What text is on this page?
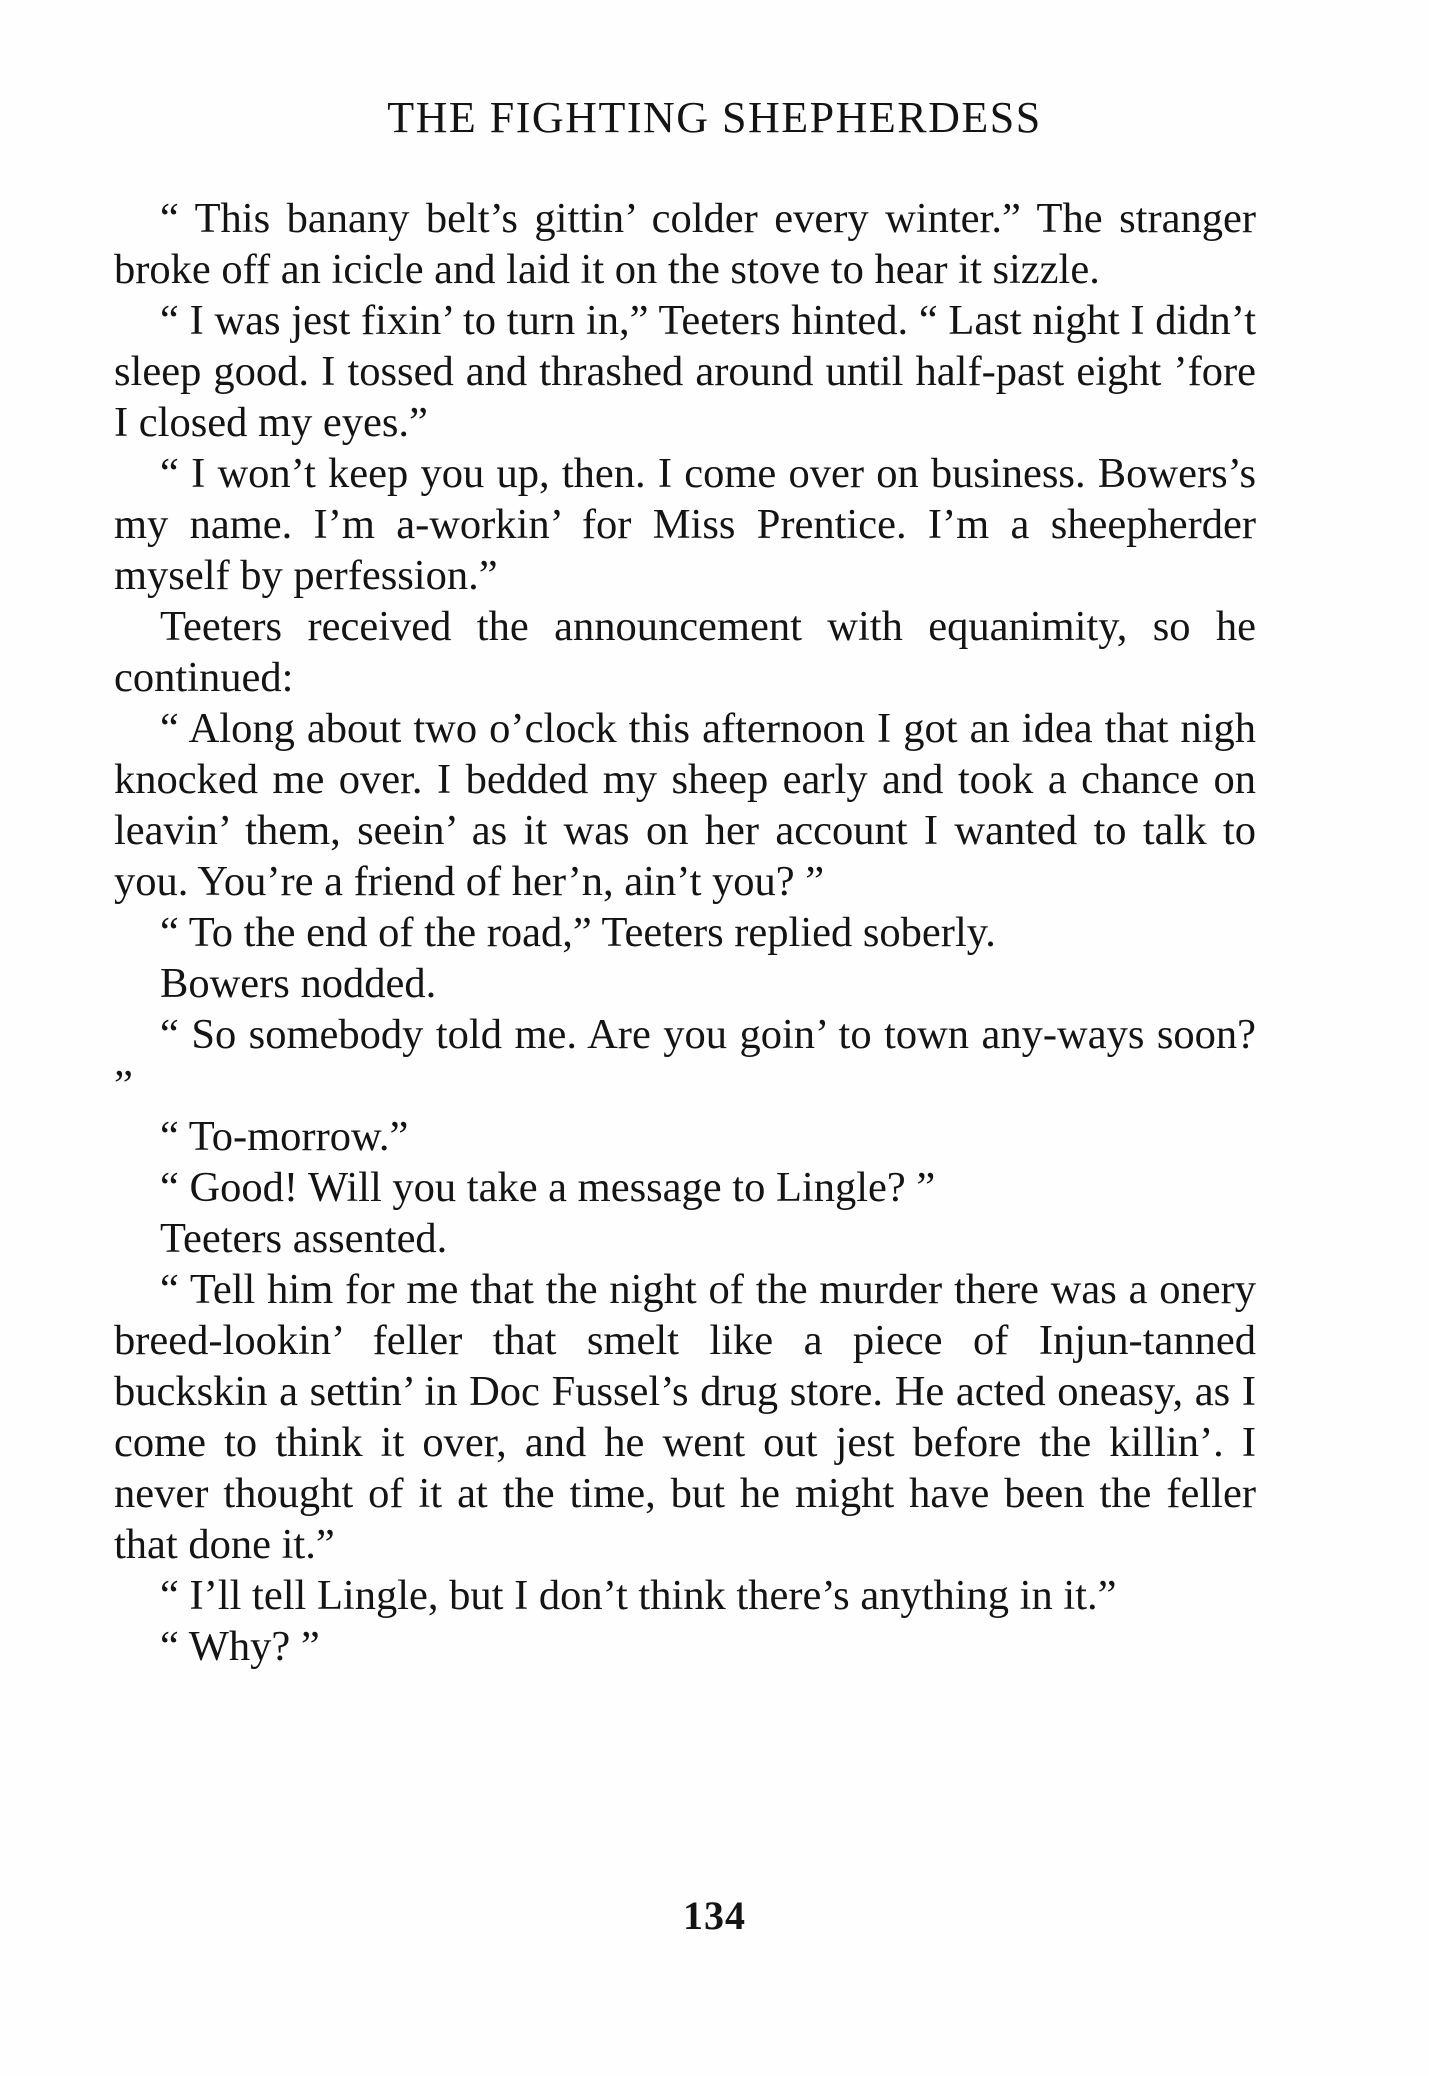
THE FIGHTING SHEPHERDESS

“ This banany belt’s gittin’ colder every winter.” The stranger broke off an icicle and laid it on the stove to hear it sizzle.

“ I was jest fixin’ to turn in,” Teeters hinted. “ Last night I didn’t sleep good. I tossed and thrashed around until half-past eight ’fore I closed my eyes.”

“ I won’t keep you up, then. I come over on business. Bowers’s my name. I’m a-workin’ for Miss Prentice. I’m a sheepherder myself by perfession.”

Teeters received the announcement with equanimity, so he continued:

“ Along about two o’clock this afternoon I got an idea that nigh knocked me over. I bedded my sheep early and took a chance on leavin’ them, seein’ as it was on her account I wanted to talk to you. You’re a friend of her’n, ain’t you? ”

“ To the end of the road,” Teeters replied soberly.

Bowers nodded.

“ So somebody told me. Are you goin’ to town any-ways soon? ”

“ To-morrow.”

“ Good! Will you take a message to Lingle? ”

Teeters assented.

“ Tell him for me that the night of the murder there was a onery breed-lookin’ feller that smelt like a piece of Injun-tanned buckskin a settin’ in Doc Fussel’s drug store. He acted oneasy, as I come to think it over, and he went out jest before the killin’. I never thought of it at the time, but he might have been the feller that done it.”

“ I’ll tell Lingle, but I don’t think there’s anything in it.”

“ Why? ”

134
